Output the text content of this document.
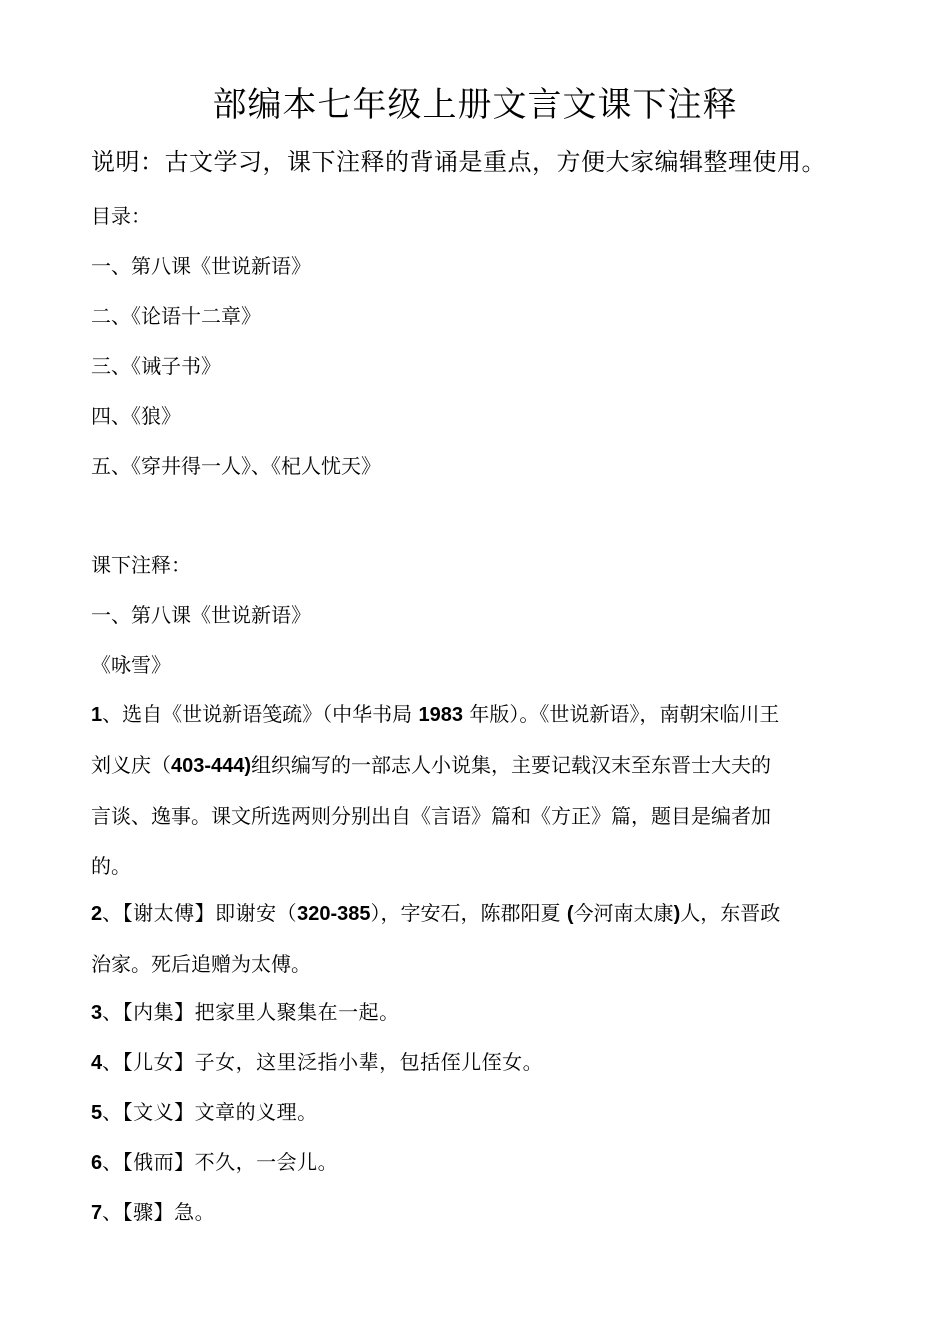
部编本七年级上册文言文课下注释
说明：古文学习，课下注释的背诵是重点，方便大家编辑整理使用。
目录：
一、第八课《世说新语》
二、《论语十二章》
三、《诫子书》
四、《狼》
五、《穿井得一人》、《杞人忧天》
课下注释：
一、第八课《世说新语》
《咏雪》
1、选自《世说新语笺疏》（中华书局 1983 年版）。《世说新语》，南朝宋临川王
刘义庆（403-444)组织编写的一部志人小说集，主要记载汉末至东晋士大夫的
言谈、逸事。课文所选两则分别出自《言语》篇和《方正》篇，题目是编者加
的。
2、【谢太傅】即谢安（320-385），字安石，陈郡阳夏 (今河南太康)人，东晋政
治家。死后追赠为太傅。
3、【内集】把家里人聚集在一起。
4、【儿女】子女，这里泛指小辈，包括侄儿侄女。
5、【文义】文章的义理。
6、【俄而】不久，一会儿。
7、【骤】急。
